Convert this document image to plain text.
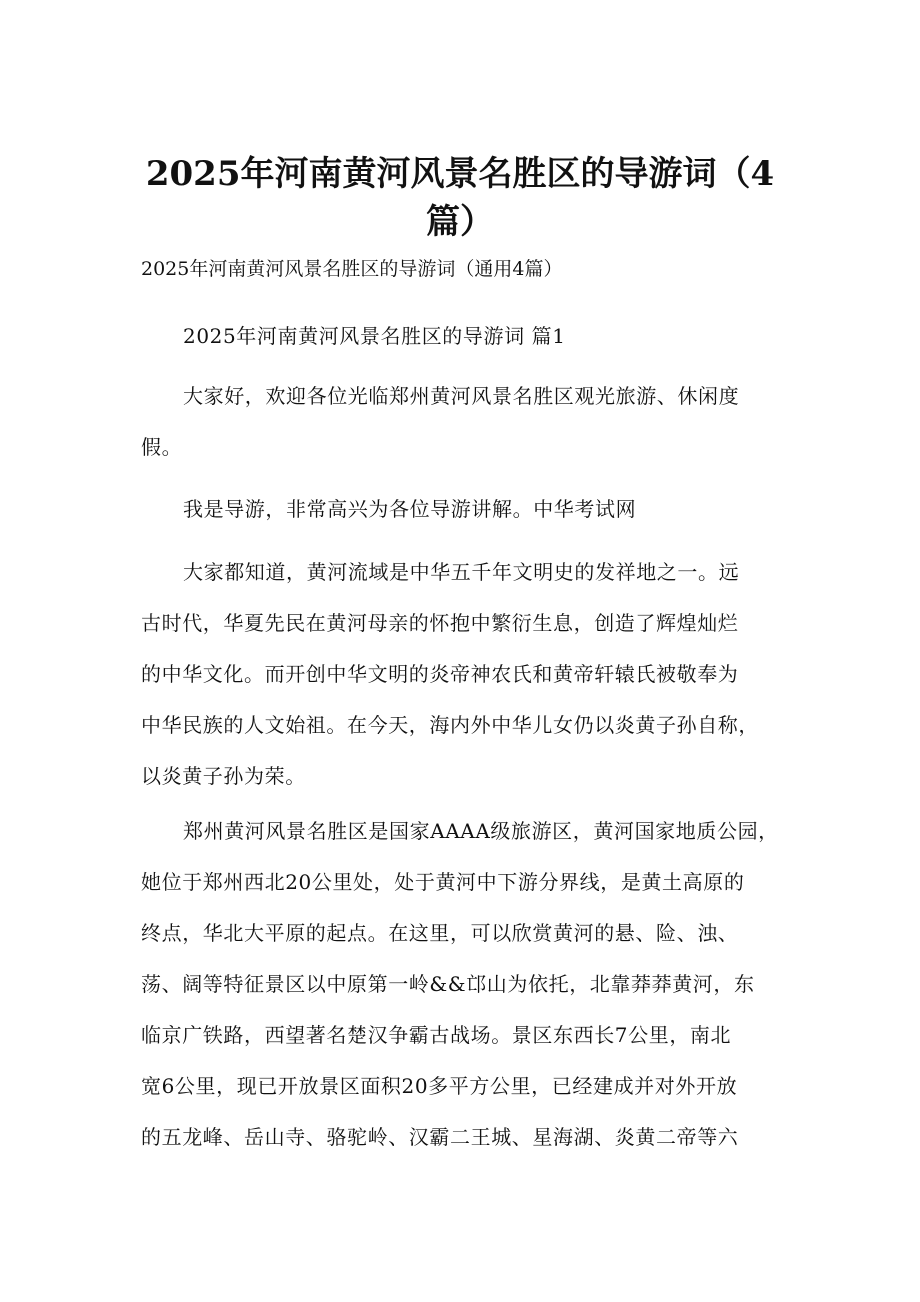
2025年河南黄河风景名胜区的导游词（4
篇）
2025年河南黄河风景名胜区的导游词（通用4篇）
2025年河南黄河风景名胜区的导游词 篇1
大家好，欢迎各位光临郑州黄河风景名胜区观光旅游、休闲度
假。
我是导游，非常高兴为各位导游讲解。中华考试网
大家都知道，黄河流域是中华五千年文明史的发祥地之一。远
古时代，华夏先民在黄河母亲的怀抱中繁衍生息，创造了辉煌灿烂
的中华文化。而开创中华文明的炎帝神农氏和黄帝轩辕氏被敬奉为
中华民族的人文始祖。在今天，海内外中华儿女仍以炎黄子孙自称，
以炎黄子孙为荣。
郑州黄河风景名胜区是国家AAAA级旅游区，黄河国家地质公园，
她位于郑州西北20公里处，处于黄河中下游分界线，是黄土高原的
终点，华北大平原的起点。在这里，可以欣赏黄河的悬、险、浊、
荡、阔等特征景区以中原第一岭&&邙山为依托，北靠莽莽黄河，东
临京广铁路，西望著名楚汉争霸古战场。景区东西长7公里，南北
宽6公里，现已开放景区面积20多平方公里，已经建成并对外开放
的五龙峰、岳山寺、骆驼岭、汉霸二王城、星海湖、炎黄二帝等六
